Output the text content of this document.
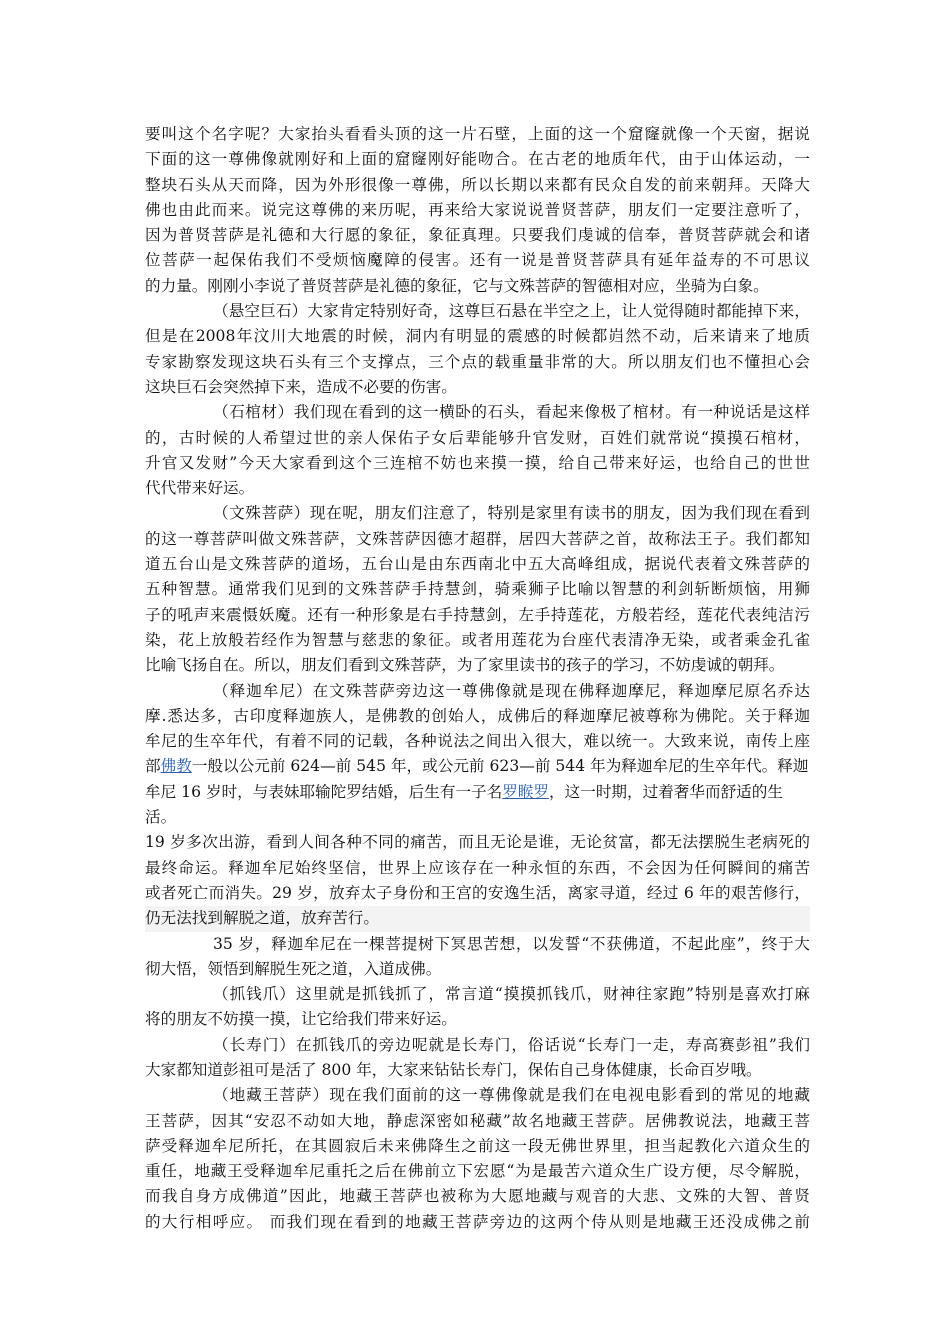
要叫这个名字呢？大家抬头看看头顶的这一片石壁，上面的这一个窟窿就像一个天窗，据说
下面的这一尊佛像就刚好和上面的窟窿刚好能吻合。在古老的地质年代，由于山体运动，一
整块石头从天而降，因为外形很像一尊佛，所以长期以来都有民众自发的前来朝拜。天降大
佛也由此而来。说完这尊佛的来历呢，再来给大家说说普贤菩萨，朋友们一定要注意听了，
因为普贤菩萨是礼德和大行愿的象征，象征真理。只要我们虔诚的信奉，普贤菩萨就会和诸
位菩萨一起保佑我们不受烦恼魔障的侵害。还有一说是普贤菩萨具有延年益寿的不可思议
的力量。刚刚小李说了普贤菩萨是礼德的象征，它与文殊菩萨的智德相对应，坐骑为白象。
（悬空巨石）大家肯定特别好奇，这尊巨石悬在半空之上，让人觉得随时都能掉下来，
但是在2008年汶川大地震的时候，洞内有明显的震感的时候都岿然不动，后来请来了地质
专家勘察发现这块石头有三个支撑点，三个点的载重量非常的大。所以朋友们也不懂担心会
这块巨石会突然掉下来，造成不必要的伤害。
（石棺材）我们现在看到的这一横卧的石头，看起来像极了棺材。有一种说话是这样
的，古时候的人希望过世的亲人保佑子女后辈能够升官发财，百姓们就常说“摸摸石棺材，
升官又发财”今天大家看到这个三连棺不妨也来摸一摸，给自己带来好运，也给自己的世世
代代带来好运。
（文殊菩萨）现在呢，朋友们注意了，特别是家里有读书的朋友，因为我们现在看到
的这一尊菩萨叫做文殊菩萨，文殊菩萨因德才超群，居四大菩萨之首，故称法王子。我们都知
道五台山是文殊菩萨的道场，五台山是由东西南北中五大高峰组成，据说代表着文殊菩萨的
五种智慧。通常我们见到的文殊菩萨手持慧剑，骑乘狮子比喻以智慧的利剑斩断烦恼，用狮
子的吼声来震慑妖魔。还有一种形象是右手持慧剑，左手持莲花，方般若经，莲花代表纯洁污
染，花上放般若经作为智慧与慈悲的象征。或者用莲花为台座代表清净无染，或者乘金孔雀
比喻飞扬自在。所以，朋友们看到文殊菩萨，为了家里读书的孩子的学习，不妨虔诚的朝拜。
（释迦牟尼）在文殊菩萨旁边这一尊佛像就是现在佛释迦摩尼，释迦摩尼原名乔达
摩.悉达多，古印度释迦族人，是佛教的创始人，成佛后的释迦摩尼被尊称为佛陀。关于释迦
牟尼的生卒年代，有着不同的记载，各种说法之间出入很大，难以统一。大致来说，南传上座
部佛教一般以公元前 624—前 545 年，或公元前 623—前 544 年为释迦牟尼的生卒年代。释迦
牟尼 16 岁时，与表妹耶输陀罗结婚，后生有一子名罗睺罗，这一时期，过着奢华而舒适的生
活。
19 岁多次出游，看到人间各种不同的痛苦，而且无论是谁，无论贫富，都无法摆脱生老病死的
最终命运。释迦牟尼始终坚信，世界上应该存在一种永恒的东西，不会因为任何瞬间的痛苦
或者死亡而消失。29 岁，放弃太子身份和王宫的安逸生活，离家寻道，经过 6 年的艰苦修行，
仍无法找到解脱之道，放弃苦行。
35 岁，释迦牟尼在一棵菩提树下冥思苦想，以发誓“不获佛道，不起此座”，终于大
彻大悟，领悟到解脱生死之道，入道成佛。
（抓钱爪）这里就是抓钱抓了，常言道“摸摸抓钱爪，财神往家跑”特别是喜欢打麻
将的朋友不妨摸一摸，让它给我们带来好运。
（长寿门）在抓钱爪的旁边呢就是长寿门，俗话说“长寿门一走，寿高赛彭祖”我们
大家都知道彭祖可是活了 800 年，大家来钻钻长寿门，保佑自己身体健康，长命百岁哦。
（地藏王菩萨）现在我们面前的这一尊佛像就是我们在电视电影看到的常见的地藏
王菩萨，因其“安忍不动如大地，静虑深密如秘藏”故名地藏王菩萨。居佛教说法，地藏王菩
萨受释迦牟尼所托，在其圆寂后未来佛降生之前这一段无佛世界里，担当起教化六道众生的
重任，地藏王受释迦牟尼重托之后在佛前立下宏愿“为是最苦六道众生广设方便，尽令解脱，
而我自身方成佛道”因此，地藏王菩萨也被称为大愿地藏与观音的大悲、文殊的大智、普贤
的大行相呼应。 而我们现在看到的地藏王菩萨旁边的这两个侍从则是地藏王还没成佛之前
